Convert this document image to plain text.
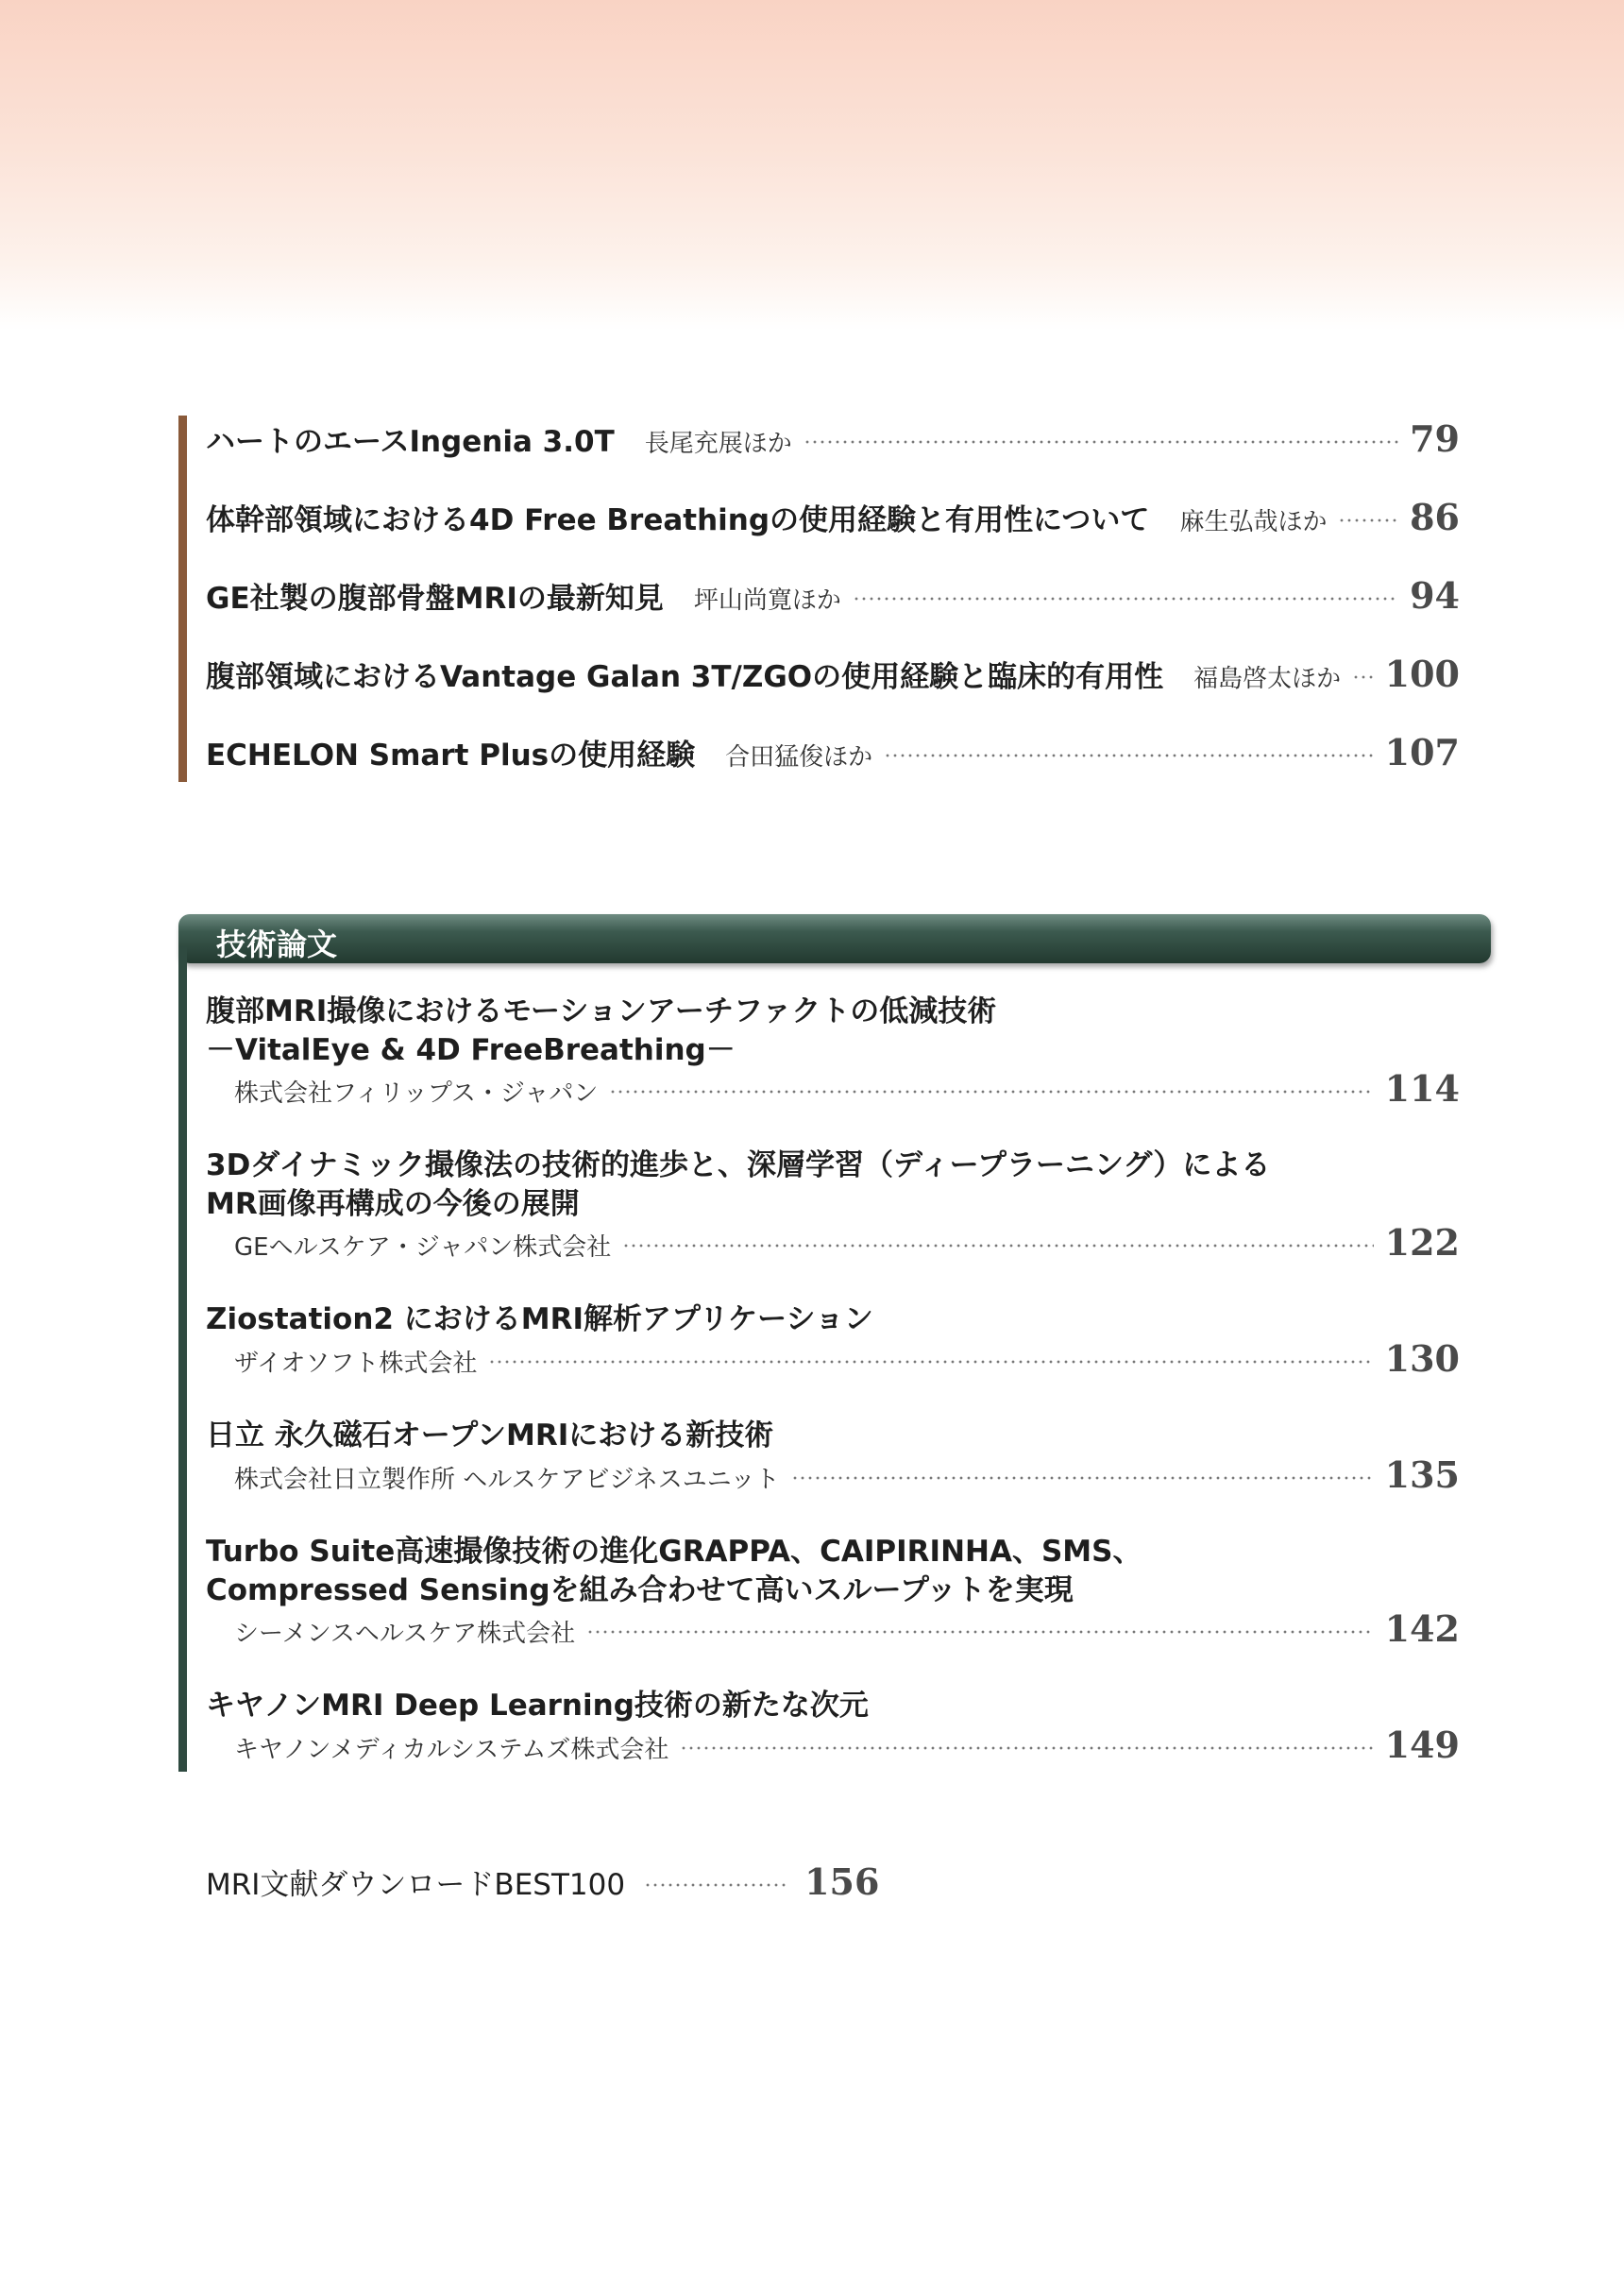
ハートのエースIngenia 3.0T 長尾充展ほか	79
体幹部領域における4D Free Breathingの使用経験と有用性について 麻生弘哉ほか 86
GE社製の腹部骨盤MRIの最新知見 坪山尚寛ほか	94
腹部領域におけるVantage Galan 3T/ZGOの使用経験と臨床的有用性 福島啓太ほか 100
ECHELON Smart Plusの使用経験 合田猛俊ほか	107
技術論文
腹部MRI撮像におけるモーションアーチファクトの低減技術
－VitalEye & 4D FreeBreathing－
株式会社フィリップス・ジャパン	114
3Dダイナミック撮像法の技術的進歩と、深層学習（ディープラーニング）による
MR画像再構成の今後の展開
GEヘルスケア・ジャパン株式会社	122
Ziostation2 におけるMRI解析アプリケーション
ザイオソフト株式会社	130
日立 永久磁石オープンMRIにおける新技術
株式会社日立製作所 ヘルスケアビジネスユニット	135
Turbo Suite高速撮像技術の進化GRAPPA、CAIPIRINHA、SMS、
Compressed Sensingを組み合わせて高いスループットを実現
シーメンスヘルスケア株式会社	142
キヤノンMRI Deep Learning技術の新たな次元
キヤノンメディカルシステムズ株式会社	149
MRI文献ダウンロードBEST100	156
